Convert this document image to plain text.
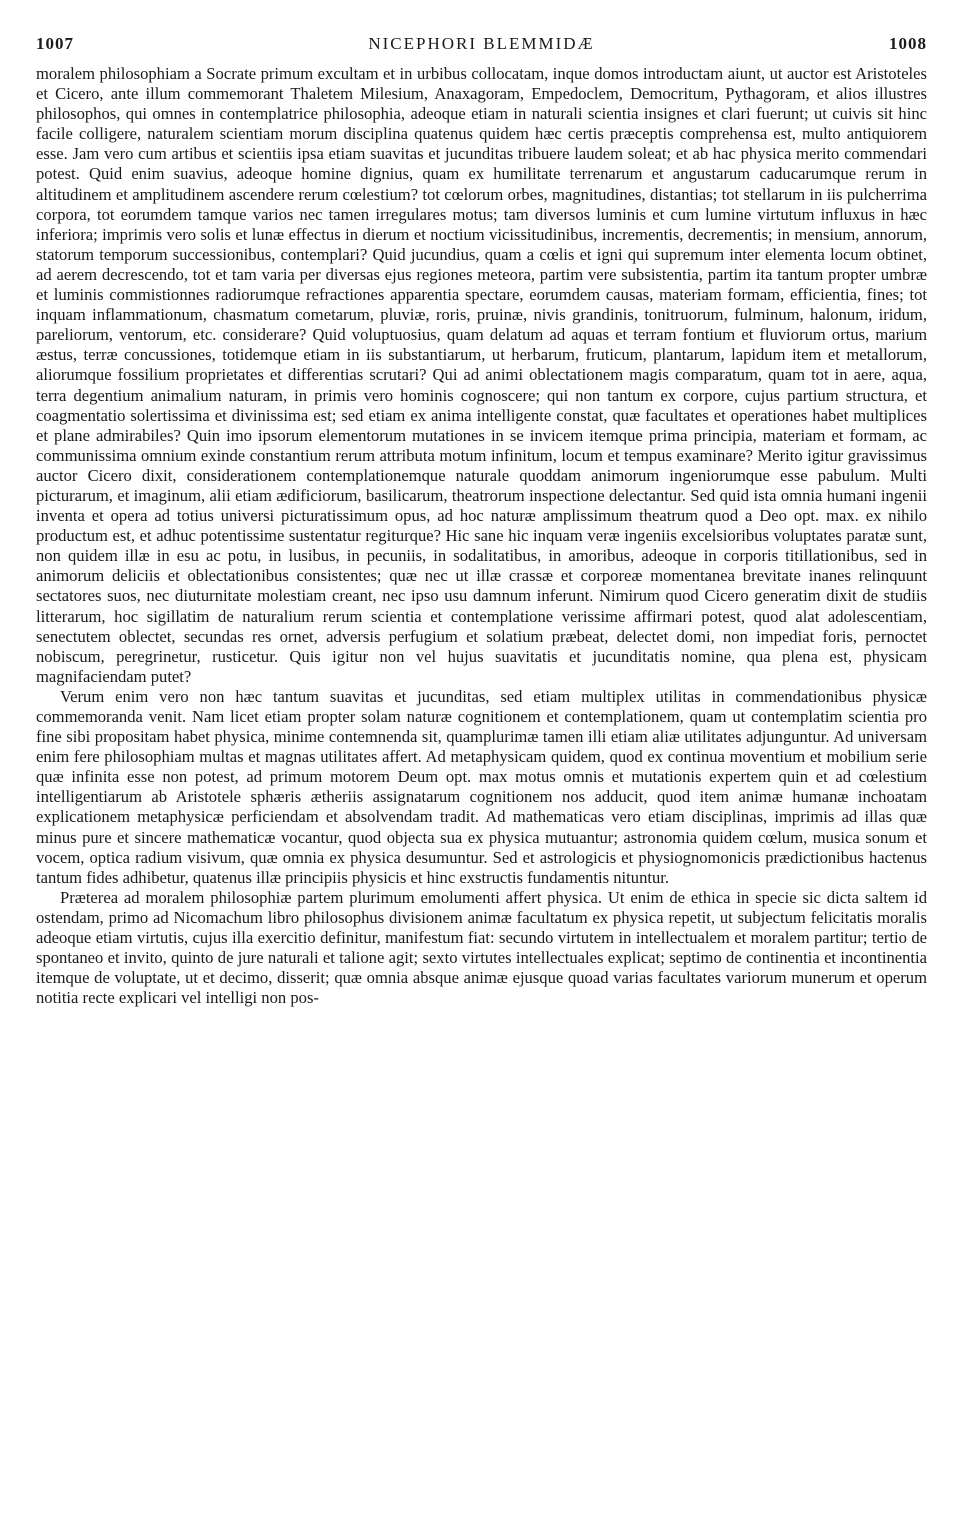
1007	NICEPHORI BLEMMIDÆ	1008

moralem philosophiam a Socrate primum excultam et in urbibus collocatam, inque domos introductam aiunt, ut auctor est Aristoteles et Cicero, ante illum commemorant Thaletem Milesium, Anaxagoram, Empedoclem, Democritum, Pythagoram, et alios illustres philosophos, qui omnes in contemplatrice philosophia, adeoque etiam in naturali scientia insignes et clari fuerunt; ut cuivis sit hinc facile colligere, naturalem scientiam morum disciplina quatenus quidem hæc certis præceptis comprehensa est, multo antiquiorem esse. Jam vero cum artibus et scientiis ipsa etiam suavitas et jucunditas tribuere laudem soleat; et ab hac physica merito commendari potest. Quid enim suavius, adeoque homine dignius, quam ex humilitate terrenarum et angustarum caducarumque rerum in altitudinem et amplitudinem ascendere rerum cœlestium? tot cœlorum orbes, magnitudines, distantias; tot stellarum in iis pulcherrima corpora, tot eorumdem tamque varios nec tamen irregulares motus; tam diversos luminis et cum lumine virtutum influxus in hæc inferiora; imprimis vero solis et lunæ effectus in dierum et noctium vicissitudinibus, incrementis, decrementis; in mensium, annorum, statorum temporum successionibus, contemplari? Quid jucundius, quam a cœlis et igni qui supremum inter elementa locum obtinet, ad aerem decrescendo, tot et tam varia per diversas ejus regiones meteora, partim vere subsistentia, partim ita tantum propter umbræ et luminis commistionnes radiorumque refractiones apparentia spectare, eorumdem causas, materiam formam, efficientia, fines; tot inquam inflammationum, chasmatum cometarum, pluviæ, roris, pruinæ, nivis grandinis, tonitruorum, fulminum, halonum, iridum, pareliorum, ventorum, etc. considerare? Quid voluptuosius, quam delatum ad aquas et terram fontium et fluviorum ortus, marium æstus, terræ concussiones, totidemque etiam in iis substantiarum, ut herbarum, fruticum, plantarum, lapidum item et metallorum, aliorumque fossilium proprietates et differentias scrutari? Qui ad animi oblectationem magis comparatum, quam tot in aere, aqua, terra degentium animalium naturam, in primis vero hominis cognoscere; qui non tantum ex corpore, cujus partium structura, et coagmentatio solertissima et divinissima est; sed etiam ex anima intelligente constat, quæ facultates et operationes habet multiplices et plane admirabiles? Quin imo ipsorum elementorum mutationes in se invicem itemque prima principia, materiam et formam, ac communissima omnium exinde constantium rerum attributa motum infinitum, locum et tempus examinare? Merito igitur gravissimus auctor Cicero dixit, considerationem contemplationemque naturale quoddam animorum ingeniorumque esse pabulum. Multi picturarum, et imaginum, alii etiam ædificiorum, basilicarum, theatrorum inspectione delectantur. Sed quid ista omnia humani ingenii inventa et opera ad totius universi picturatissimum opus, ad hoc naturæ amplissimum theatrum quod a Deo opt. max. ex nihilo productum est, et adhuc potentissime sustentatur regiturque? Hic sane hic inquam veræ ingeniis excelsioribus voluptates paratæ sunt, non quidem illæ in esu ac potu, in lusibus, in pecuniis, in sodalitatibus, in amoribus, adeoque in corporis titillationibus, sed in animorum deliciis et oblectationibus consistentes; quæ nec ut illæ crassæ et corporeæ momentanea brevitate inanes relinquunt sectatores suos, nec diuturnitate molestiam creant, nec ipso usu damnum inferunt. Nimirum quod Cicero generatim dixit de studiis litterarum, hoc sigillatim de naturalium rerum scientia et contemplatione verissime affirmari potest, quod alat adolescentiam, senectutem oblectet, secundas res ornet, adversis perfugium et solatium præbeat, delectet domi, non impediat foris, pernoctet nobiscum, peregrinetur, rusticetur. Quis igitur non vel hujus suavitatis et jucunditatis nomine, qua plena est, physicam magnifaciendam putet?

Verum enim vero non hæc tantum suavitas et jucunditas, sed etiam multiplex utilitas in commendationibus physicæ commemoranda venit. Nam licet etiam propter solam naturæ cognitionem et contemplationem, quam ut contemplatim scientia pro fine sibi propositam habet physica, minime contemnenda sit, quamplurimæ tamen illi etiam aliæ utilitates adjunguntur. Ad universam enim fere philosophiam multas et magnas utilitates affert. Ad metaphysicam quidem, quod ex continua moventium et mobilium serie quæ infinita esse non potest, ad primum motorem Deum opt. max motus omnis et mutationis expertem quin et ad cœlestium intelligentiarum ab Aristotele sphæris ætheriis assignatarum cognitionem nos adducit, quod item animæ humanæ inchoatam explicationem metaphysicæ perficiendam et absolvendam tradit. Ad mathematicas vero etiam disciplinas, imprimis ad illas quæ minus pure et sincere mathematicæ vocantur, quod objecta sua ex physica mutuantur; astronomia quidem cœlum, musica sonum et vocem, optica radium visivum, quæ omnia ex physica desumuntur. Sed et astrologicis et physiognomonicis prædictionibus hactenus tantum fides adhibetur, quatenus illæ principiis physicis et hinc exstructis fundamentis nituntur.

Præterea ad moralem philosophiæ partem plurimum emolumenti affert physica. Ut enim de ethica in specie sic dicta saltem id ostendam, primo ad Nicomachum libro philosophus divisionem animæ facultatum ex physica repetit, ut subjectum felicitatis moralis adeoque etiam virtutis, cujus illa exercitio definitur, manifestum fiat: secundo virtutem in intellectualem et moralem partitur; tertio de spontaneo et invito, quinto de jure naturali et talione agit; sexto virtutes intellectuales explicat; septimo de continentia et incontinentia itemque de voluptate, ut et decimo, disserit; quæ omnia absque animæ ejusque quoad varias facultates variorum munerum et operum notitia recte explicari vel intelligi non pos-
